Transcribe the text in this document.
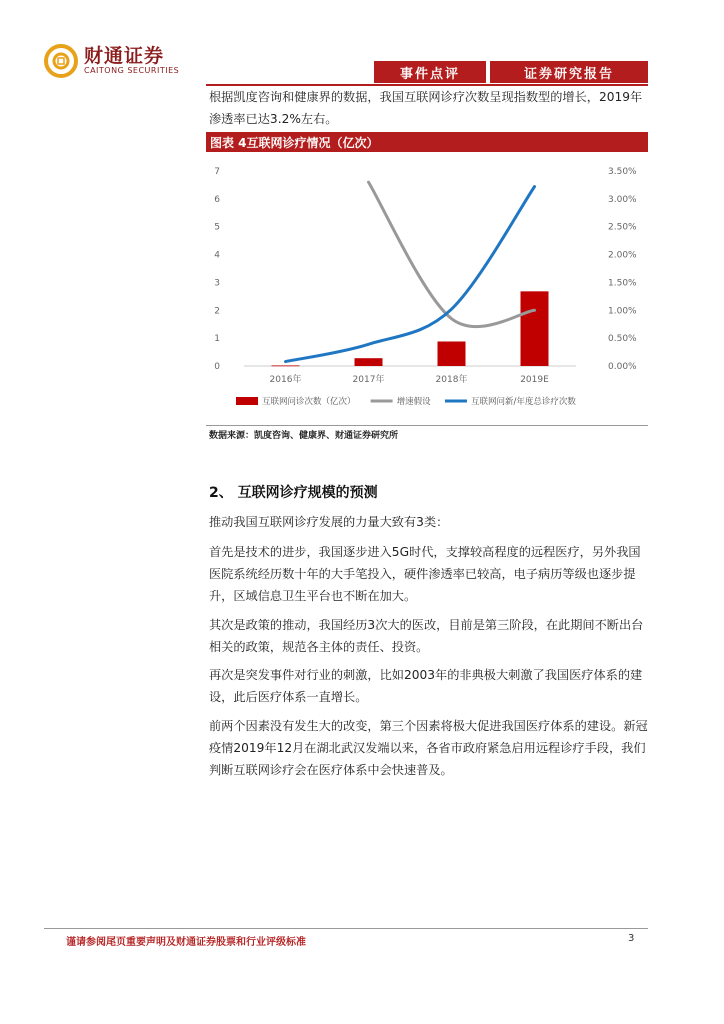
财通证券
CAITONG SECURITIES	事件点评	证券研究报告
根据凯度咨询和健康界的数据，我国互联网诊疗次数呈现指数型的增长，2019年渗透率已达3.2%左右。
图表 4互联网诊疗情况（亿次）
0
1
2
3
4
5
6
7
0.00%
0.50%
1.00%
1.50%
2.00%
2.50%
3.00%
3.50%
2016年	2017年	2018年	2019E
互联网问诊次数（亿次）	增速假设	互联网问新/年度总诊疗次数
数据来源：凯度咨询、健康界、财通证券研究所
2、 互联网诊疗规模的预测
推动我国互联网诊疗发展的力量大致有3类：
首先是技术的进步，我国逐步进入5G时代，支撑较高程度的远程医疗，另外我国医院系统经历数十年的大手笔投入，硬件渗透率已较高，电子病历等级也逐步提升，区域信息卫生平台也不断在加大。
其次是政策的推动，我国经历3次大的医改，目前是第三阶段，在此期间不断出台相关的政策，规范各主体的责任、投资。
再次是突发事件对行业的刺激，比如2003年的非典极大刺激了我国医疗体系的建设，此后医疗体系一直增长。
前两个因素没有发生大的改变，第三个因素将极大促进我国医疗体系的建设。新冠疫情2019年12月在湖北武汉发端以来，各省市政府紧急启用远程诊疗手段，我们判断互联网诊疗会在医疗体系中会快速普及。
谨请参阅尾页重要声明及财通证券股票和行业评级标准	3
